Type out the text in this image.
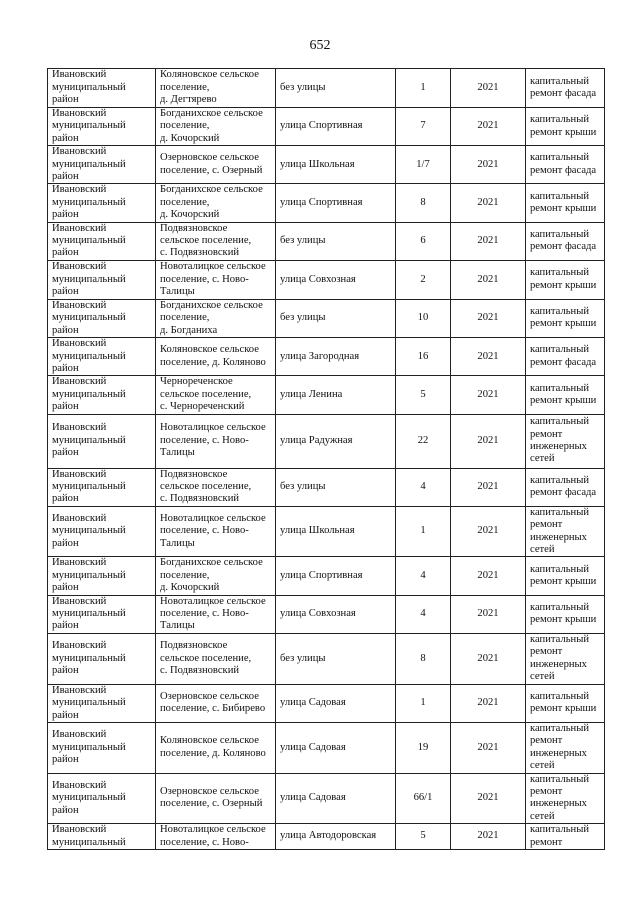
652
Ивановский
муниципальный
район	Коляновское сельское
поселение,
д. Дегтярево	без улицы	1	2021	капитальный
ремонт фасада
Ивановский
муниципальный
район	Богданихское сельское
поселение,
д. Кочорский	улица Спортивная	7	2021	капитальный
ремонт крыши
Ивановский
муниципальный
район	Озерновское сельское
поселение, с. Озерный	улица Школьная	1/7	2021	капитальный
ремонт фасада
Ивановский
муниципальный
район	Богданихское сельское
поселение,
д. Кочорский	улица Спортивная	8	2021	капитальный
ремонт крыши
Ивановский
муниципальный
район	Подвязновское
сельское поселение,
с. Подвязновский	без улицы	6	2021	капитальный
ремонт фасада
Ивановский
муниципальный
район	Новоталицкое сельское
поселение, с. Ново-
Талицы	улица Совхозная	2	2021	капитальный
ремонт крыши
Ивановский
муниципальный
район	Богданихское сельское
поселение,
д. Богданиха	без улицы	10	2021	капитальный
ремонт крыши
Ивановский
муниципальный
район	Коляновское сельское
поселение, д. Коляново	улица Загородная	16	2021	капитальный
ремонт фасада
Ивановский
муниципальный
район	Чернореченское
сельское поселение,
с. Чернореченский	улица Ленина	5	2021	капитальный
ремонт крыши
Ивановский
муниципальный
район	Новоталицкое сельское
поселение, с. Ново-
Талицы	улица Радужная	22	2021	капитальный
ремонт
инженерных
сетей
Ивановский
муниципальный
район	Подвязновское
сельское поселение,
с. Подвязновский	без улицы	4	2021	капитальный
ремонт фасада
Ивановский
муниципальный
район	Новоталицкое сельское
поселение, с. Ново-
Талицы	улица Школьная	1	2021	капитальный
ремонт
инженерных
сетей
Ивановский
муниципальный
район	Богданихское сельское
поселение,
д. Кочорский	улица Спортивная	4	2021	капитальный
ремонт крыши
Ивановский
муниципальный
район	Новоталицкое сельское
поселение, с. Ново-
Талицы	улица Совхозная	4	2021	капитальный
ремонт крыши
Ивановский
муниципальный
район	Подвязновское
сельское поселение,
с. Подвязновский	без улицы	8	2021	капитальный
ремонт
инженерных
сетей
Ивановский
муниципальный
район	Озерновское сельское
поселение, с. Бибирево	улица Садовая	1	2021	капитальный
ремонт крыши
Ивановский
муниципальный
район	Коляновское сельское
поселение, д. Коляново	улица Садовая	19	2021	капитальный
ремонт
инженерных
сетей
Ивановский
муниципальный
район	Озерновское сельское
поселение, с. Озерный	улица Садовая	66/1	2021	капитальный
ремонт
инженерных
сетей
Ивановский
муниципальный	Новоталицкое сельское
поселение, с. Ново-	улица Автодоровская	5	2021	капитальный
ремонт
